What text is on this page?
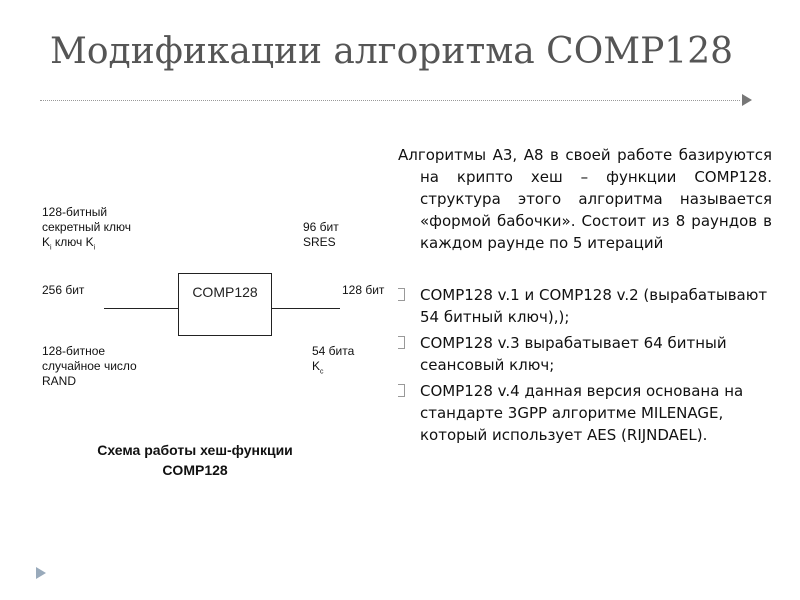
Модификации алгоритма COMP128
128-битный
секретный ключ
$K_i$ ключ $K_i$
96 бит
SRES
256 бит	COMP128	128 бит
128-битное
случайное число
RAND
54 бита
$K_c$
Схема работы хеш-функции
COMP128

Алгоритмы А3, А8 в своей работе базируются на крипто хеш – функции COMP128. структура этого алгоритма называется «формой бабочки». Состоит из 8 раундов в каждом раунде по 5 итераций

COMP128 v.1 и COMP128 v.2 (вырабатывают 54 битный ключ),);
COMP128 v.3 вырабатывает 64 битный сеансовый ключ;
COMP128 v.4 данная версия основана на стандарте 3GPP алгоритме MILENAGE, который использует AES (RIJNDAEL).
